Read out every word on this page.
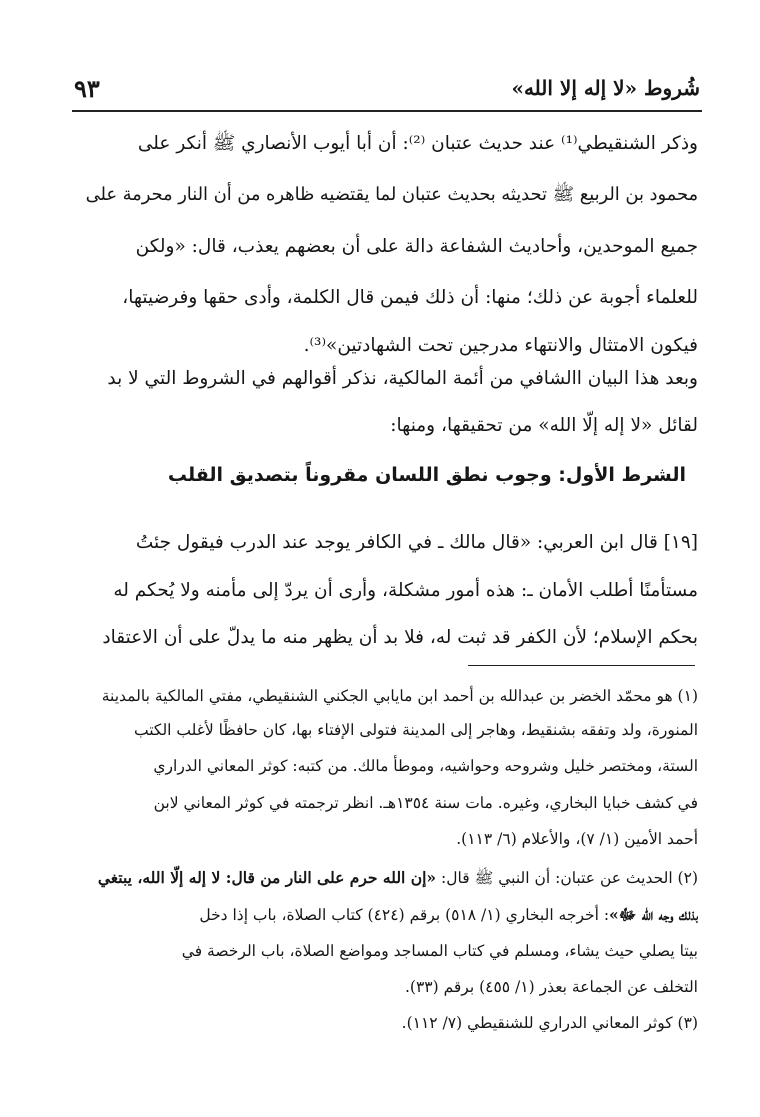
شُروط «لا إله إلا الله»
٩٣
وذكر الشنقيطي⁽¹⁾ عند حديث عتبان ⁽²⁾: أن أبا أيوب الأنصاري ﷺ أنكر على
محمود بن الربيع ﷺ تحديثه بحديث عتبان لما يقتضيه ظاهره من أن النار محرمة على
جميع الموحدين، وأحاديث الشفاعة دالة على أن بعضهم يعذب، قال: «ولكن
للعلماء أجوبة عن ذلك؛ منها: أن ذلك فيمن قال الكلمة، وأدى حقها وفرضيتها،
فيكون الامتثال والانتهاء مدرجين تحت الشهادتين»⁽³⁾.
وبعد هذا البيان االشافي من أئمة المالكية، نذكر أقوالهم في الشروط التي لا بد
لقائل «لا إله إلّا الله» من تحقيقها، ومنها:
الشرط الأول: وجوب نطق اللسان مقروناً بتصديق القلب
[١٩] قال ابن العربي: «قال مالك ـ في الكافر يوجد عند الدرب فيقول جئتُ
مستأمنًا أطلب الأمان ـ: هذه أمور مشكلة، وأرى أن يردّ إلى مأمنه ولا يُحكم له
بحكم الإسلام؛ لأن الكفر قد ثبت له، فلا بد أن يظهر منه ما يدلّ على أن الاعتقاد
(١) هو محمّد الخضر بن عبدالله بن أحمد ابن مايابي الجكني الشنقيطي، مفتي المالكية بالمدينة
المنورة، ولد وتفقه بشنقيط، وهاجر إلى المدينة فتولى الإفتاء بها، كان حافظًا لأغلب الكتب
الستة، ومختصر خليل وشروحه وحواشيه، وموطأ مالك. من كتبه: كوثر المعاني الدراري
في كشف خبايا البخاري، وغيره. مات سنة ١٣٥٤هـ. انظر ترجمته في كوثر المعاني لابن
أحمد الأمين (١/ ٧)، والأعلام (٦/ ١١٣).
(٢) الحديث عن عتبان: أن النبي ﷺ قال: «إن الله حرم على النار من قال: لا إله إلّا الله، يبتغي
بذلك وجه الله ﷻ»: أخرجه البخاري (١/ ٥١٨) برقم (٤٢٤) كتاب الصلاة، باب إذا دخل
بيتا يصلي حيث يشاء، ومسلم في كتاب المساجد ومواضع الصلاة، باب الرخصة في
التخلف عن الجماعة بعذر (١/ ٤٥٥) برقم (٣٣).
(٣) كوثر المعاني الدراري للشنقيطي (٧/ ١١٢).
